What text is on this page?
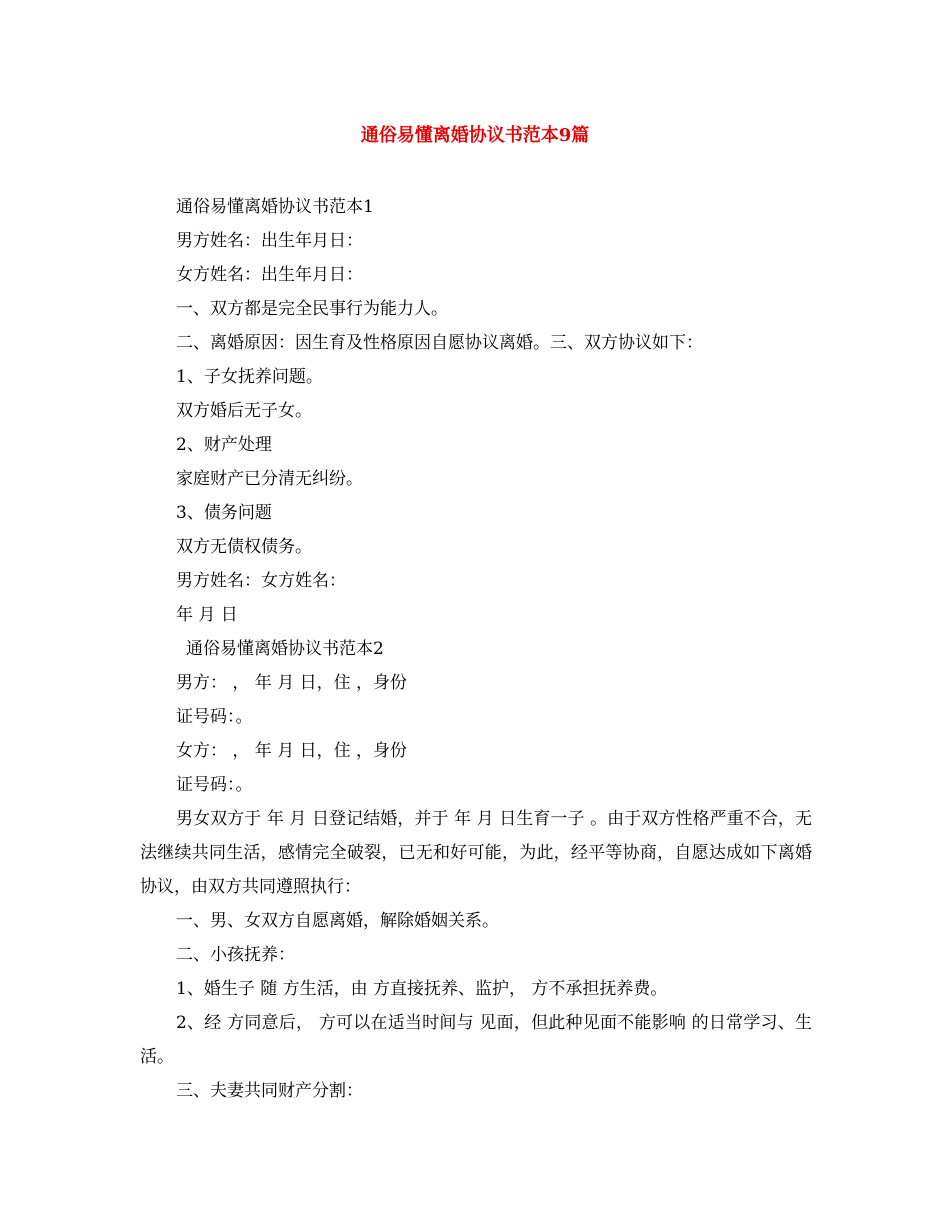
通俗易懂离婚协议书范本9篇

通俗易懂离婚协议书范本1

男方姓名：出生年月日：

女方姓名：出生年月日：

一、双方都是完全民事行为能力人。

二、离婚原因：因生育及性格原因自愿协议离婚。三、双方协议如下：

1、子女抚养问题。

双方婚后无子女。

2、财产处理

家庭财产已分清无纠纷。

3、债务问题

双方无债权债务。

男方姓名：女方姓名：

年 月 日

通俗易懂离婚协议书范本2

男方： ， 年 月 日，住 ，身份

证号码：。

女方： ， 年 月 日，住 ，身份

证号码：。

男女双方于 年 月 日登记结婚，并于 年 月 日生育一子 。由于双方性格严重不合，无法继续共同生活，感情完全破裂，已无和好可能，为此，经平等协商，自愿达成如下离婚协议，由双方共同遵照执行：

一、男、女双方自愿离婚，解除婚姻关系。

二、小孩抚养：

1、婚生子 随 方生活，由 方直接抚养、监护， 方不承担抚养费。

2、经 方同意后， 方可以在适当时间与 见面，但此种见面不能影响 的日常学习、生活。

三、夫妻共同财产分割：
